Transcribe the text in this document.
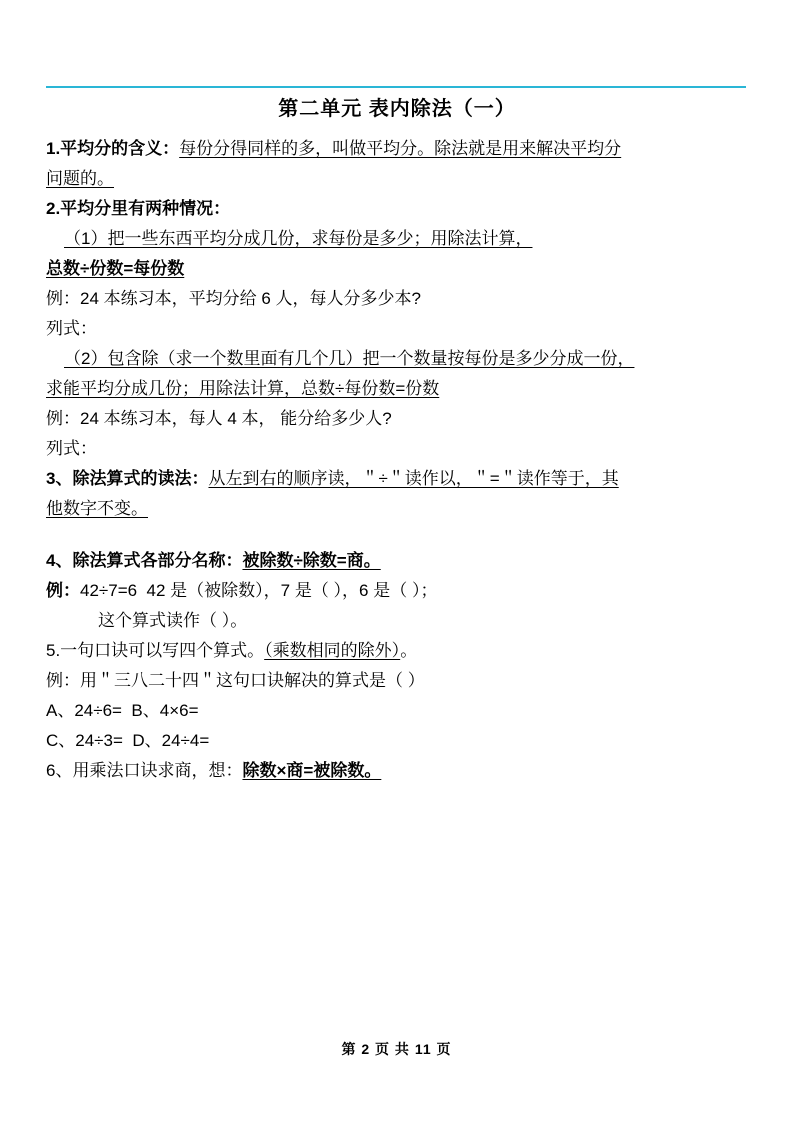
第二单元 表内除法（一）

1.平均分的含义：每份分得同样的多，叫做平均分。除法就是用来解决平均分

问题的。

2.平均分里有两种情况：

（1）把一些东西平均分成几份，求每份是多少；用除法计算，

总数÷份数=每份数

例：24 本练习本，平均分给 6 人，每人分多少本?

列式：

（2）包含除（求一个数里面有几个几）把一个数量按每份是多少分成一份，

求能平均分成几份；用除法计算，总数÷每份数=份数

例：24 本练习本，每人 4 本， 能分给多少人?

列式：

3、除法算式的读法：从左到右的顺序读，＂÷＂读作以，＂=＂读作等于，其

他数字不变。

4、除法算式各部分名称：被除数÷除数=商。

例：42÷7=6  42 是（被除数），7 是（ ），6 是（ ）；

这个算式读作（ ）。

5.一句口诀可以写四个算式。（乘数相同的除外）。

例：用＂三八二十四＂这句口诀解决的算式是（ ）

A、24÷6=  B、4×6=

C、24÷3=  D、24÷4=

6、用乘法口诀求商，想：除数×商=被除数。

第 2 页 共 11 页
